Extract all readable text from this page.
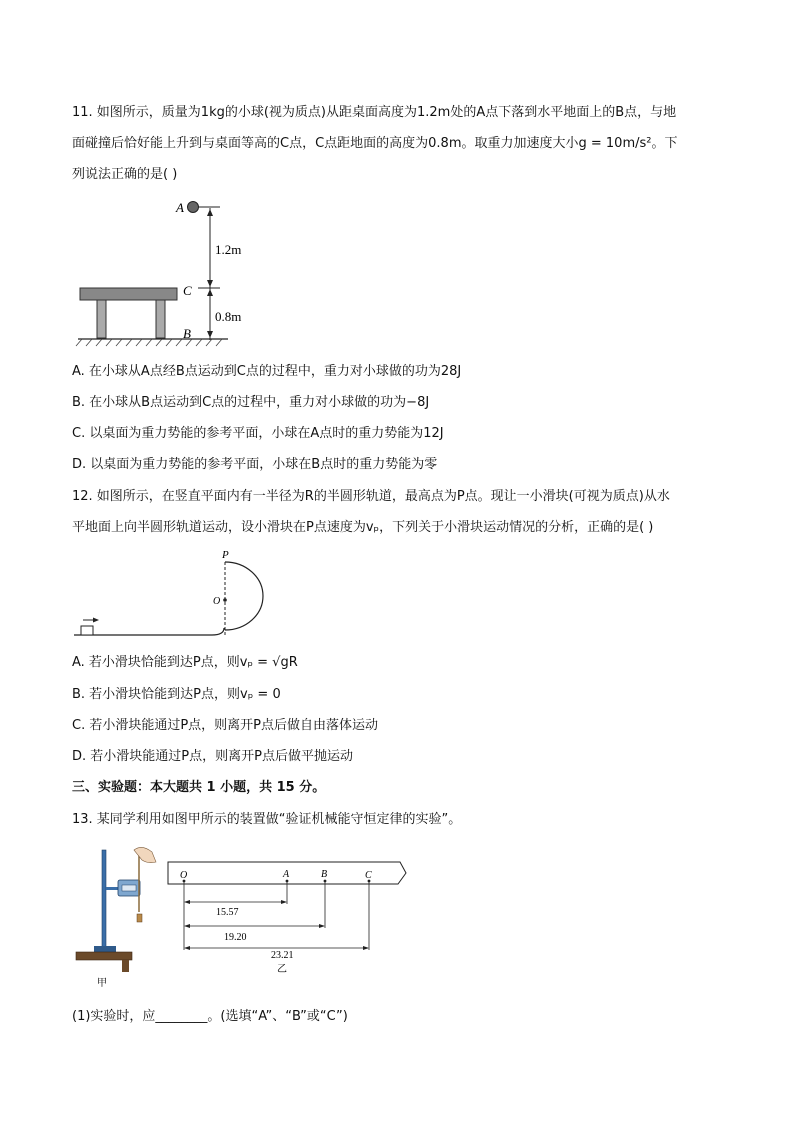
11. 如图所示，质量为1kg的小球(视为质点)从距桌面高度为1.2m处的A点下落到水平地面上的B点，与地
面碰撞后恰好能上升到与桌面等高的C点，C点距地面的高度为0.8m。取重力加速度大小g = 10m/s²。下
列说法正确的是( )
A
1.2m
0.8m
C
B
A. 在小球从A点经B点运动到C点的过程中，重力对小球做的功为28J
B. 在小球从B点运动到C点的过程中，重力对小球做的功为−8J
C. 以桌面为重力势能的参考平面，小球在A点时的重力势能为12J
D. 以桌面为重力势能的参考平面，小球在B点时的重力势能为零
12. 如图所示，在竖直平面内有一半径为R的半圆形轨道，最高点为P点。现让一小滑块(可视为质点)从水
平地面上向半圆形轨道运动，设小滑块在P点速度为vₚ，下列关于小滑块运动情况的分析，正确的是( )
P
O
A. 若小滑块恰能到达P点，则vₚ = √gR
B. 若小滑块恰能到达P点，则vₚ = 0
C. 若小滑块能通过P点，则离开P点后做自由落体运动
D. 若小滑块能通过P点，则离开P点后做平抛运动
三、实验题：本大题共 1 小题，共 15 分。
13. 某同学利用如图甲所示的装置做“验证机械能守恒定律的实验”。
甲
O	A	B	C
15.57
19.20
23.21
乙
(1)实验时，应________。(选填“A”、“B”或“C”)
